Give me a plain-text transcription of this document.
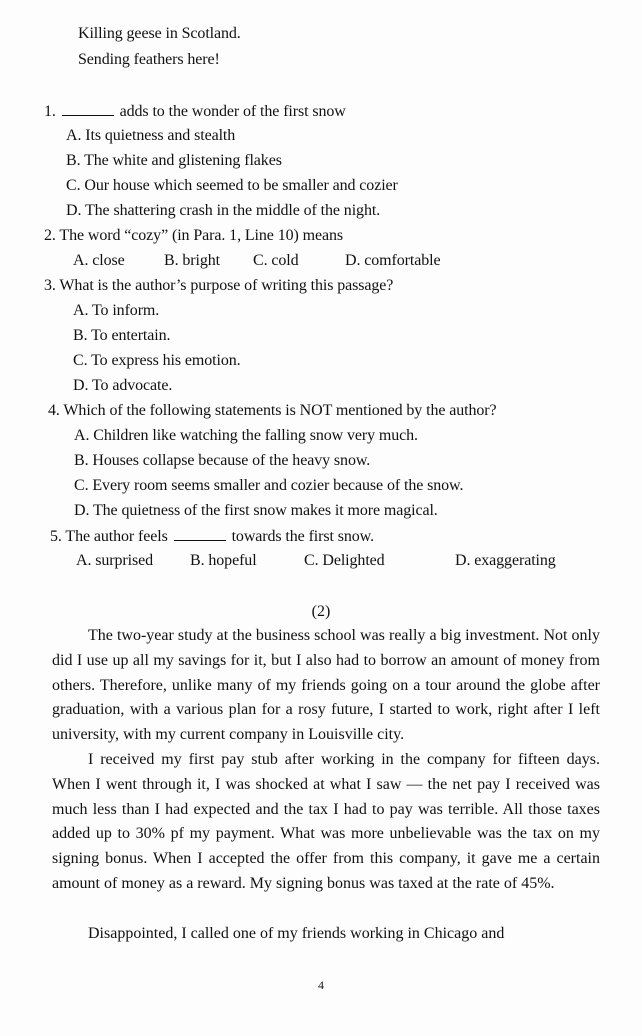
Killing geese in Scotland.
Sending feathers here!
1.	adds to the wonder of the first snow
A. Its quietness and stealth
B. The white and glistening flakes
C. Our house which seemed to be smaller and cozier
D. The shattering crash in the middle of the night.
2. The word “cozy” (in Para. 1, Line 10) means
A. close B. bright C. cold	D. comfortable
3. What is the author’s purpose of writing this passage?
A. To inform.
B. To entertain.
C. To express his emotion.
D. To advocate.
4. Which of the following statements is NOT mentioned by the author?
A. Children like watching the falling snow very much.
B. Houses collapse because of the heavy snow.
C. Every room seems smaller and cozier because of the snow.
D. The quietness of the first snow makes it more magical.
5. The author feels	towards the first snow.
A. surprised B. hopeful	C. Delighted	D. exaggerating
(2)

The two-year study at the business school was really a big investment. Not only did I use up all my savings for it, but I also had to borrow an amount of money from others. Therefore, unlike many of my friends going on a tour around the globe after graduation, with a various plan for a rosy future, I started to work, right after I left university, with my current company in Louisville city.

I received my first pay stub after working in the company for fifteen days. When I went through it, I was shocked at what I saw — the net pay I received was much less than I had expected and the tax I had to pay was terrible. All those taxes added up to 30% pf my payment. What was more unbelievable was the tax on my signing bonus. When I accepted the offer from this company, it gave me a certain amount of money as a reward. My signing bonus was taxed at the rate of 45%.

Disappointed, I called one of my friends working in Chicago and

4
